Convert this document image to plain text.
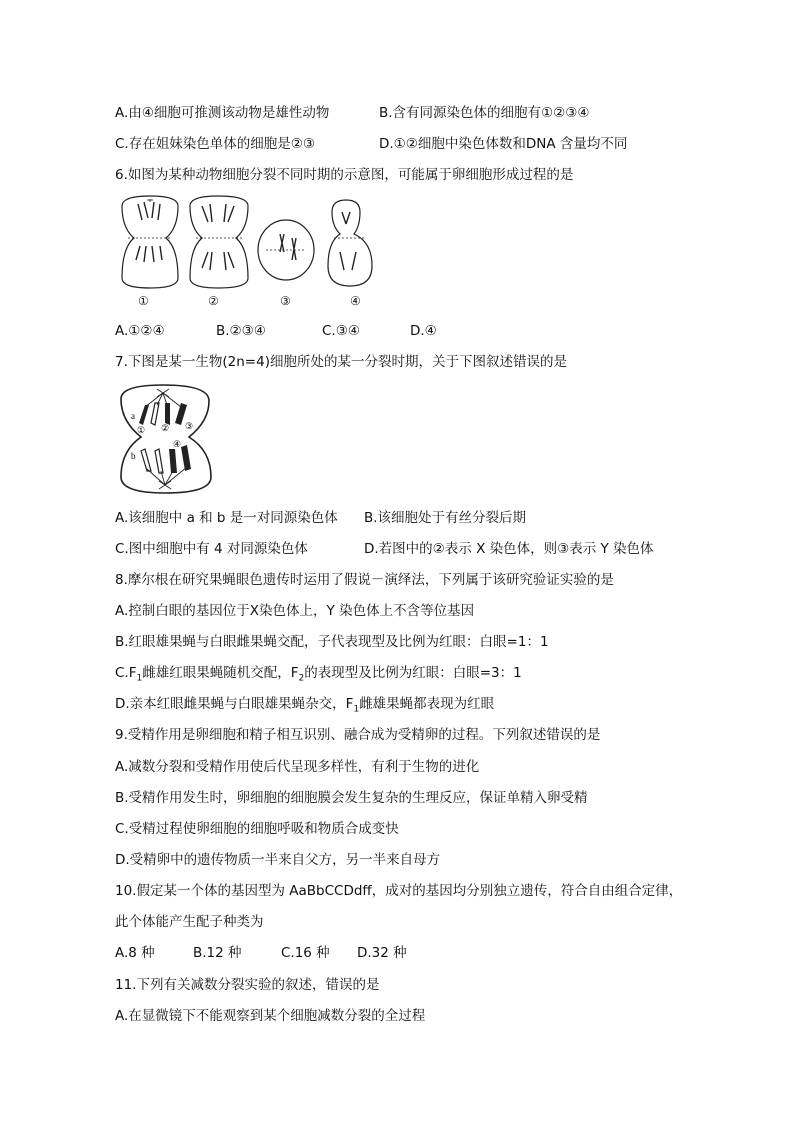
A.由④细胞可推测该动物是雄性动物	B.含有同源染色体的细胞有①②③④
C.存在姐妹染色单体的细胞是②③	D.①②细胞中染色体数和DNA 含量均不同
6.如图为某种动物细胞分裂不同时期的示意图，可能属于卵细胞形成过程的是
①	②	③	④
A.①②④	B.②③④	C.③④	D.④
7.下图是某一生物(2n=4)细胞所处的某一分裂时期，关于下图叙述错误的是
a
b
① ② ③
④
A.该细胞中 a 和 b 是一对同源染色体 B.该细胞处于有丝分裂后期
C.图中细胞中有 4 对同源染色体	D.若图中的②表示 X 染色体，则③表示 Y 染色体
8.摩尔根在研究果蝇眼色遗传时运用了假说－演绎法，下列属于该研究验证实验的是
A.控制白眼的基因位于X染色体上，Y 染色体上不含等位基因
B.红眼雄果蝇与白眼雌果蝇交配，子代表现型及比例为红眼：白眼=1：1
$C.F_1$雌雄红眼果蝇随机交配，$F_2$的表现型及比例为红眼：白眼=3：1
D.亲本红眼雌果蝇与白眼雄果蝇杂交，$F_1$雌雄果蝇都表现为红眼
9.受精作用是卵细胞和精子相互识别、融合成为受精卵的过程。下列叙述错误的是
A.减数分裂和受精作用使后代呈现多样性，有利于生物的进化
B.受精作用发生时，卵细胞的细胞膜会发生复杂的生理反应，保证单精入卵受精
C.受精过程使卵细胞的细胞呼吸和物质合成变快
D.受精卵中的遗传物质一半来自父方，另一半来自母方
10.假定某一个体的基因型为 AaBbCCDdff，成对的基因均分别独立遗传，符合自由组合定律，
此个体能产生配子种类为
A.8 种	B.12 种	C.16 种 D.32 种
11.下列有关减数分裂实验的叙述，错误的是
A.在显微镜下不能观察到某个细胞减数分裂的全过程
